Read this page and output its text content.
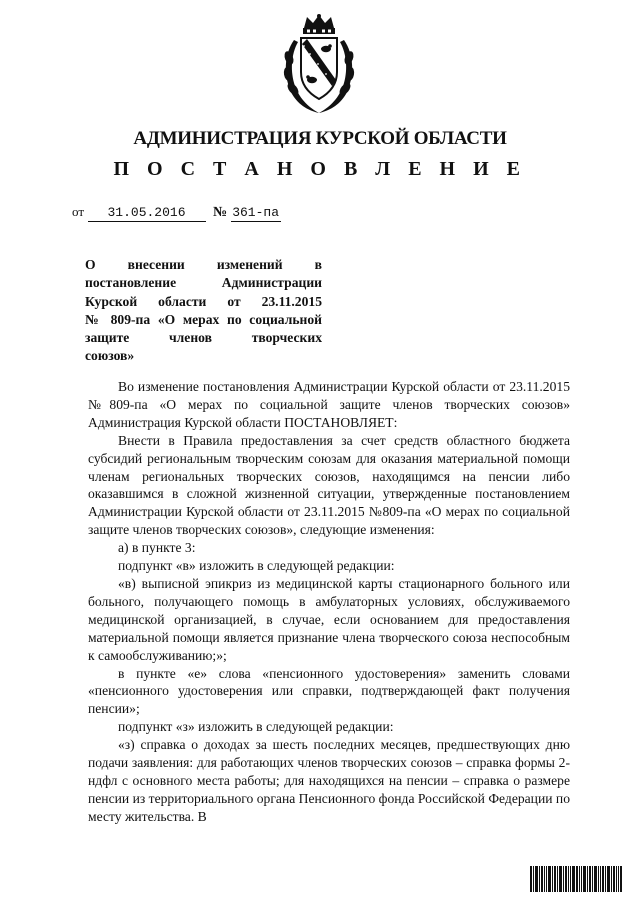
АДМИНИСТРАЦИЯ КУРСКОЙ ОБЛАСТИ
П О С Т А Н О В Л Е Н И Е
от 31.05.2016 № 361-па
О внесении изменений в
постановление Администрации
Курской области от 23.11.2015
№ 809-па «О мерах по социальной
защите членов творческих
союзов»

Во изменение постановления Администрации Курской области от 23.11.2015 №809-па «О мерах по социальной защите членов творческих союзов» Администрация Курской области ПОСТАНОВЛЯЕТ:

Внести в Правила предоставления за счет средств областного бюджета субсидий региональным творческим союзам для оказания материальной помощи членам региональных творческих союзов, находящимся на пенсии либо оказавшимся в сложной жизненной ситуации, утвержденные постановлением Администрации Курской области от 23.11.2015 №809-па «О мерах по социальной защите членов творческих союзов», следующие изменения:

а) в пункте 3:

подпункт «в» изложить в следующей редакции:

«в) выписной эпикриз из медицинской карты стационарного больного или больного, получающего помощь в амбулаторных условиях, обслуживаемого медицинской организацией, в случае, если основанием для предоставления материальной помощи является признание члена творческого союза неспособным к самообслуживанию;»;

в пункте «е» слова «пенсионного удостоверения» заменить словами «пенсионного удостоверения или справки, подтверждающей факт получения пенсии»;

подпункт «з» изложить в следующей редакции:

«з) справка о доходах за шесть последних месяцев, предшествующих дню подачи заявления: для работающих членов творческих союзов – справка формы 2-ндфл с основного места работы; для находящихся на пенсии – справка о размере пенсии из территориального органа Пенсионного фонда Российской Федерации по месту жительства. В
